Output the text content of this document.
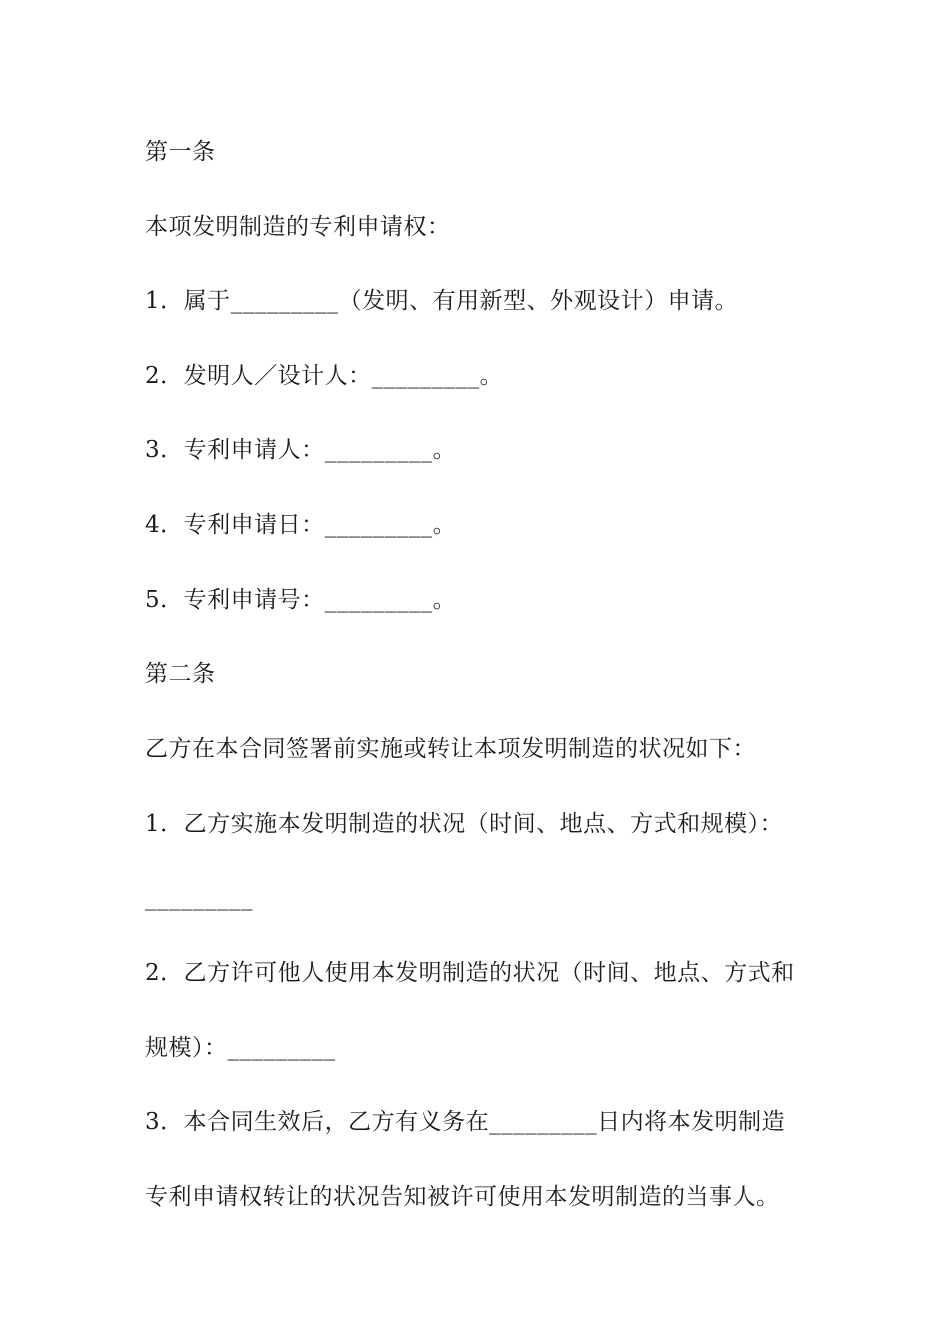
第一条
本项发明制造的专利申请权：
1．属于_________（发明、有用新型、外观设计）申请。
2．发明人／设计人：_________。
3．专利申请人：_________。
4．专利申请日：_________。
5．专利申请号：_________。
第二条
乙方在本合同签署前实施或转让本项发明制造的状况如下：
1．乙方实施本发明制造的状况（时间、地点、方式和规模）：
_________
2．乙方许可他人使用本发明制造的状况（时间、地点、方式和
规模）：_________
3．本合同生效后，乙方有义务在_________日内将本发明制造
专利申请权转让的状况告知被许可使用本发明制造的当事人。
